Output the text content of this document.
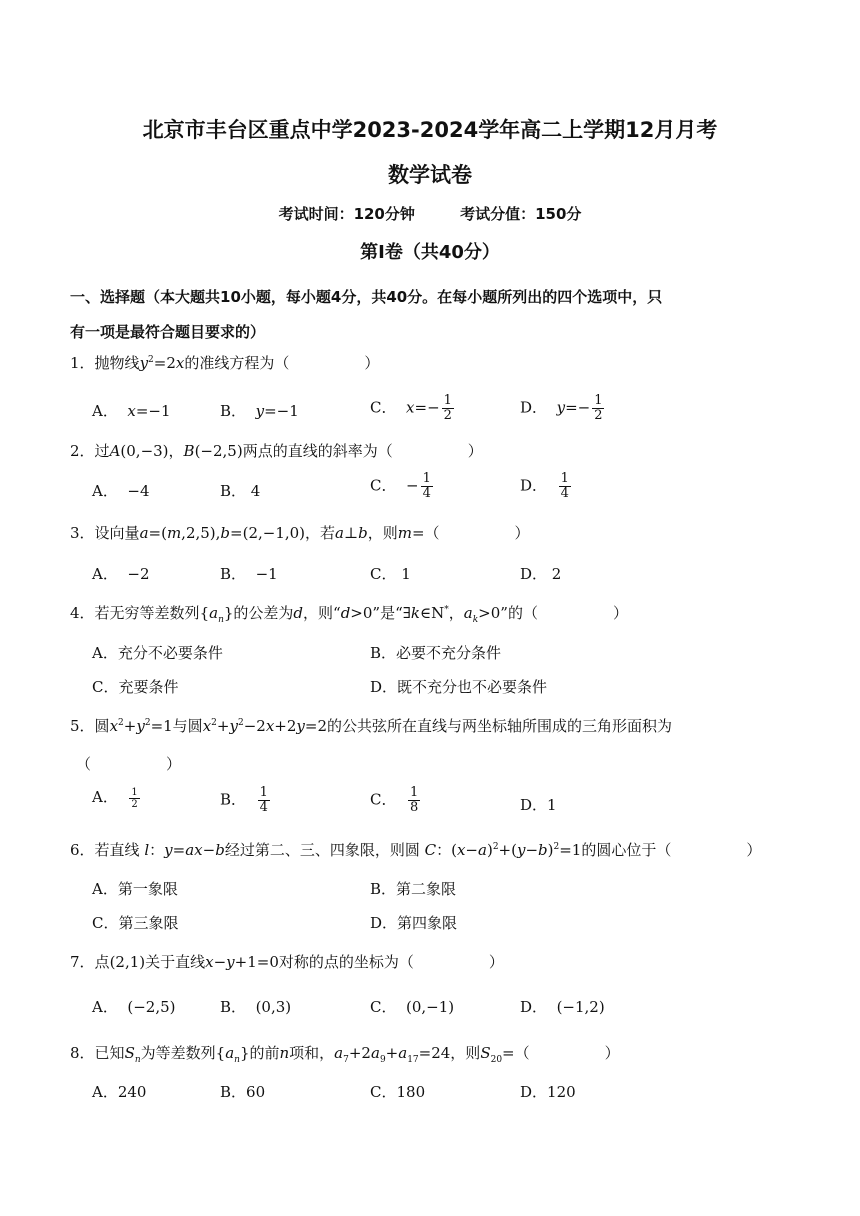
北京市丰台区重点中学2023-2024学年高二上学期12月月考
数学试卷
考试时间：120分钟	考试分值：150分
第I卷（共40分）
一、选择题（本大题共10小题，每小题4分，共40分。在每小题所列出的四个选项中，只
有一项是最符合题目要求的）
1．抛物线$y^2=2x$的准线方程为（　　　　　）
A． x=−1	B． y=−1	C． $x=- \frac{1}{2}$	D． $y=- \frac{1}{2}$
2．过A(0,−3)，B(−2,5)两点的直线的斜率为（　　　　　）
A．  −4	B． 4	C．  − $\frac{1}{4}$	D． $\frac{1}{4}$
3．设向量a=(m,2,5),b=(2,−1,0)，若a⊥b，则m=（　　　　　）
A．  −2	B．  −1	C． 1	D． 2
4．若无穷等差数列$\{a_n\}$的公差为d，则“d>0”是“∃k∈N*，$a_k>0$”的（　　　　　）
A．充分不必要条件	B．必要不充分条件
C．充要条件	D．既不充分也不必要条件
5．圆$x^2+y^2=1$与圆$x^2+y^2-2x+2y=2$的公共弦所在直线与两坐标轴所围成的三角形面积为
（　　　　　）
A． $\frac{1}{2}$	B． $\frac{1}{4}$	C． $\frac{1}{8}$	D．1
6．若直线 l：y=ax−b经过第二、三、四象限，则圆 C：$(x-a)^2+(y-b)^2=1$的圆心位于（　　　　　）
A．第一象限	B．第二象限
C．第三象限	D．第四象限
7．点(2,1)关于直线x−y+1=0对称的点的坐标为（　　　　　）
A．  (−2,5)	B．  (0,3)	C．  (0,−1)	D．  (−1,2)
8．已知$S_n$为等差数列$\{a_n\}$的前n项和，$a_7+2a_9+a_{17}=24$，则$S_{20}=$（　　　　　）
A．240	B．60	C．180	D．120
